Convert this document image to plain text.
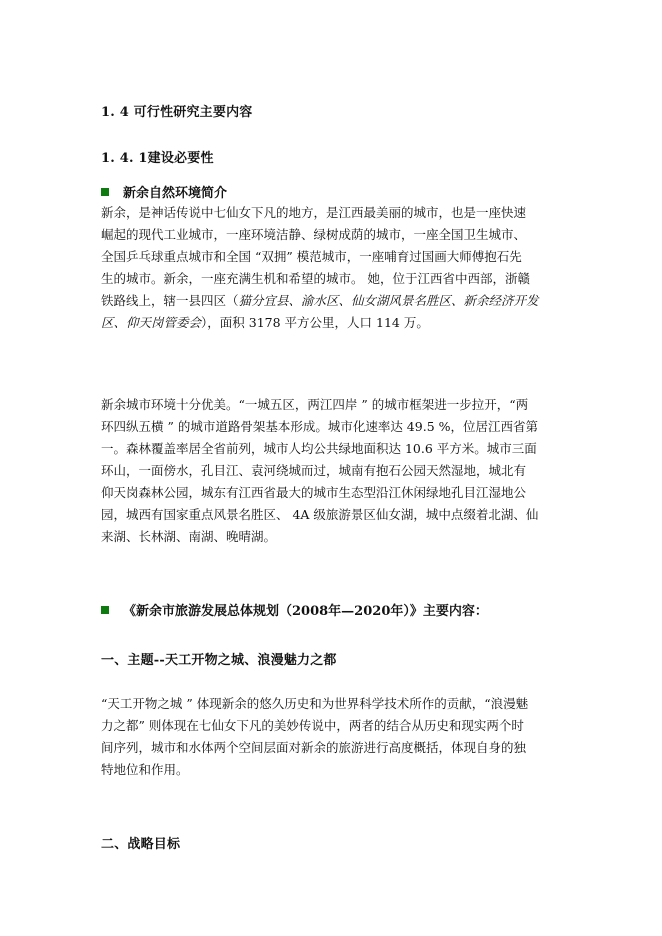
1. 4 可行性研究主要内容
1. 4. 1建设必要性
新余自然环境简介
新余，是神话传说中七仙女下凡的地方，是江西最美丽的城市，也是一座快速
崛起的现代工业城市，一座环境洁静、绿树成荫的城市，一座全国卫生城市、
全国乒乓球重点城市和全国 “双拥” 模范城市，一座哺育过国画大师傅抱石先
生的城市。新余，一座充满生机和希望的城市。 她，位于江西省中西部，浙赣
铁路线上，辖一县四区（猫分宜县、渝水区、仙女湖风景名胜区、新余经济开发
区、仰天岗管委会），面积 3178 平方公里，人口 114 万。
新余城市环境十分优美。“一城五区，两江四岸 ” 的城市框架进一步拉开，“两
环四纵五横 ” 的城市道路骨架基本形成。城市化速率达 49.5 %，位居江西省第
一。森林覆盖率居全省前列，城市人均公共绿地面积达 10.6 平方米。城市三面
环山，一面傍水，孔目江、袁河绕城而过，城南有抱石公园天然湿地，城北有
仰天岗森林公园，城东有江西省最大的城市生态型沿江休闲绿地孔目江湿地公
园，城西有国家重点风景名胜区、 4A 级旅游景区仙女湖，城中点缀着北湖、仙
来湖、长林湖、南湖、晚晴湖。
《新余市旅游发展总体规划（2008年—2020年）》主要内容：
一、主题--天工开物之城、浪漫魅力之都
“天工开物之城 ” 体现新余的悠久历史和为世界科学技术所作的贡献，“浪漫魅
力之都” 则体现在七仙女下凡的美妙传说中，两者的结合从历史和现实两个时
间序列，城市和水体两个空间层面对新余的旅游进行高度概括，体现自身的独
特地位和作用。
二、战略目标
